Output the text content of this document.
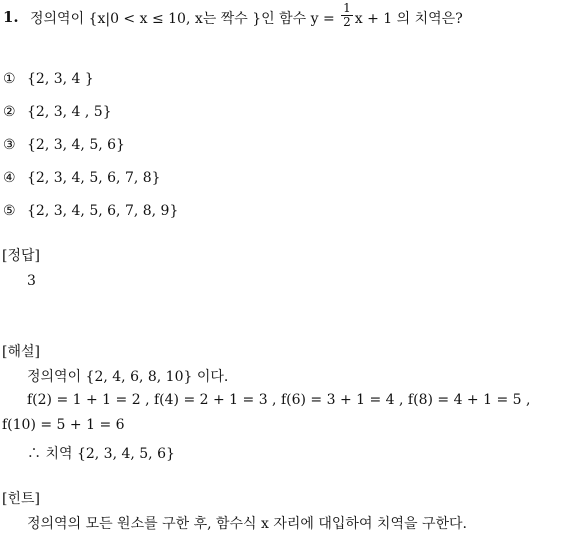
1. 정의역이 {x|0 < x ≤ 10, x는 짝수 }인 함수 $y = \frac{1}{2}$ x + 1 의 치역은?
① {2, 3, 4 }
② {2, 3, 4 , 5}
③ {2, 3, 4, 5, 6}
④ {2, 3, 4, 5, 6, 7, 8}
⑤ {2, 3, 4, 5, 6, 7, 8, 9}
[정답]
3
[해설]
정의역이 {2, 4, 6, 8, 10} 이다.
f(2) = 1 + 1 = 2 , f(4) = 2 + 1 = 3 , f(6) = 3 + 1 = 4 , f(8) = 4 + 1 = 5 ,
f(10) = 5 + 1 = 6
∴ 치역 {2, 3, 4, 5, 6}
[힌트]
정의역의 모든 원소를 구한 후, 함수식 x 자리에 대입하여 치역을 구한다.
